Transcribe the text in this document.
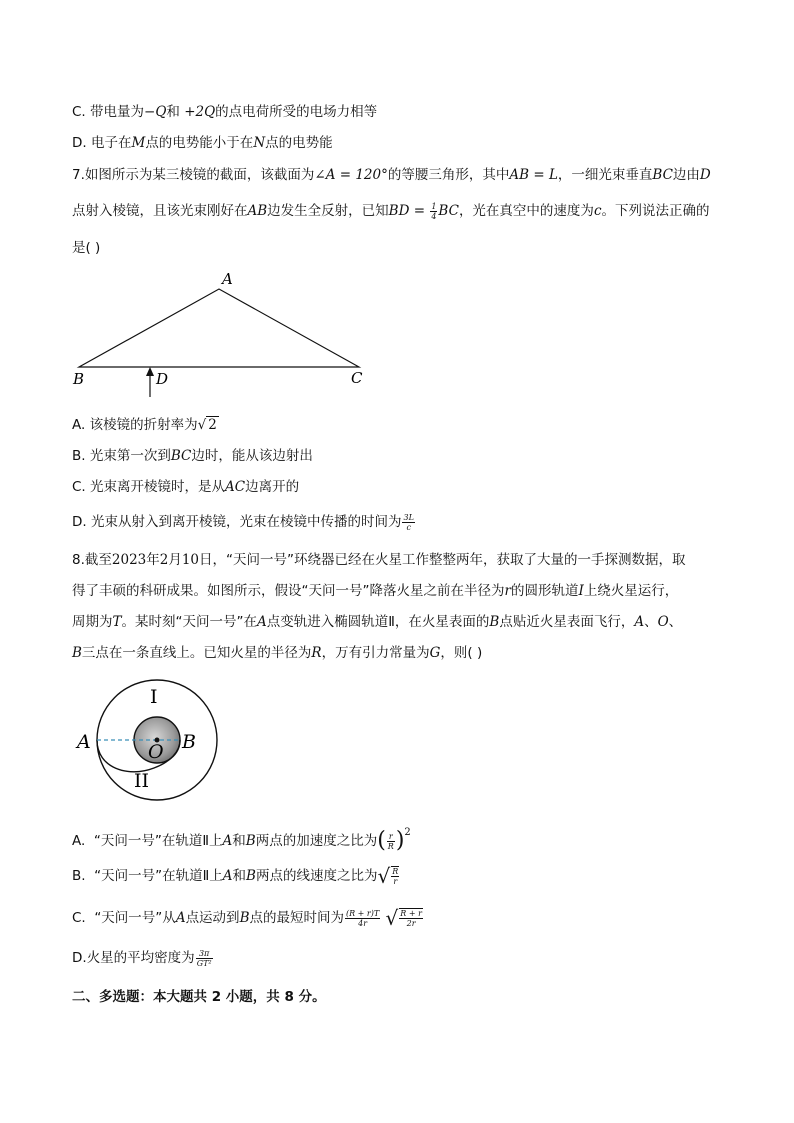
C. 带电量为−Q和 +2Q的点电荷所受的电场力相等
D. 电子在M点的电势能小于在N点的电势能
7.如图所示为某三棱镜的截面，该截面为∠A = 120°的等腰三角形，其中AB = L，一细光束垂直BC边由D
点射入棱镜，且该光束刚好在AB边发生全反射，已知BD = $\frac{1}{4}$ BC，光在真空中的速度为c。下列说法正确的
是( )
A
B	C
D
A. 该棱镜的折射率为√ 2
B. 光束第一次到BC边时，能从该边射出
C. 光束离开棱镜时，是从AC边离开的
D. 光束从射入到离开棱镜，光束在棱镜中传播的时间为 $\frac{3L}{c}$
8.截至2023年2月10日，“天问一号”环绕器已经在火星工作整整两年，获取了大量的一手探测数据，取
得了丰硕的科研成果。如图所示，假设“天问一号”降落火星之前在半径为r的圆形轨道I上绕火星运行，
周期为T。某时刻“天问一号”在A点变轨进入椭圆轨道Ⅱ，在火星表面的B点贴近火星表面飞行，A、O、
B三点在一条直线上。已知火星的半径为R，万有引力常量为G，则( )
I
II
A	B
O
A. “天问一号”在轨道Ⅱ上A和B两点的加速度之比为( $\frac{r}{R} )^2$
B. “天问一号”在轨道Ⅱ上A和B两点的线速度之比为√ $\frac{R}{r}$
C. “天问一号”从A点运动到B点的最短时间为 $\frac{(R + r)T}{4r}$ √ $\frac{R + r}{2r}$
D.火星的平均密度为 $\frac{3\pi}{\text{GT²}}$
二、多选题：本大题共 2 小题，共 8 分。
